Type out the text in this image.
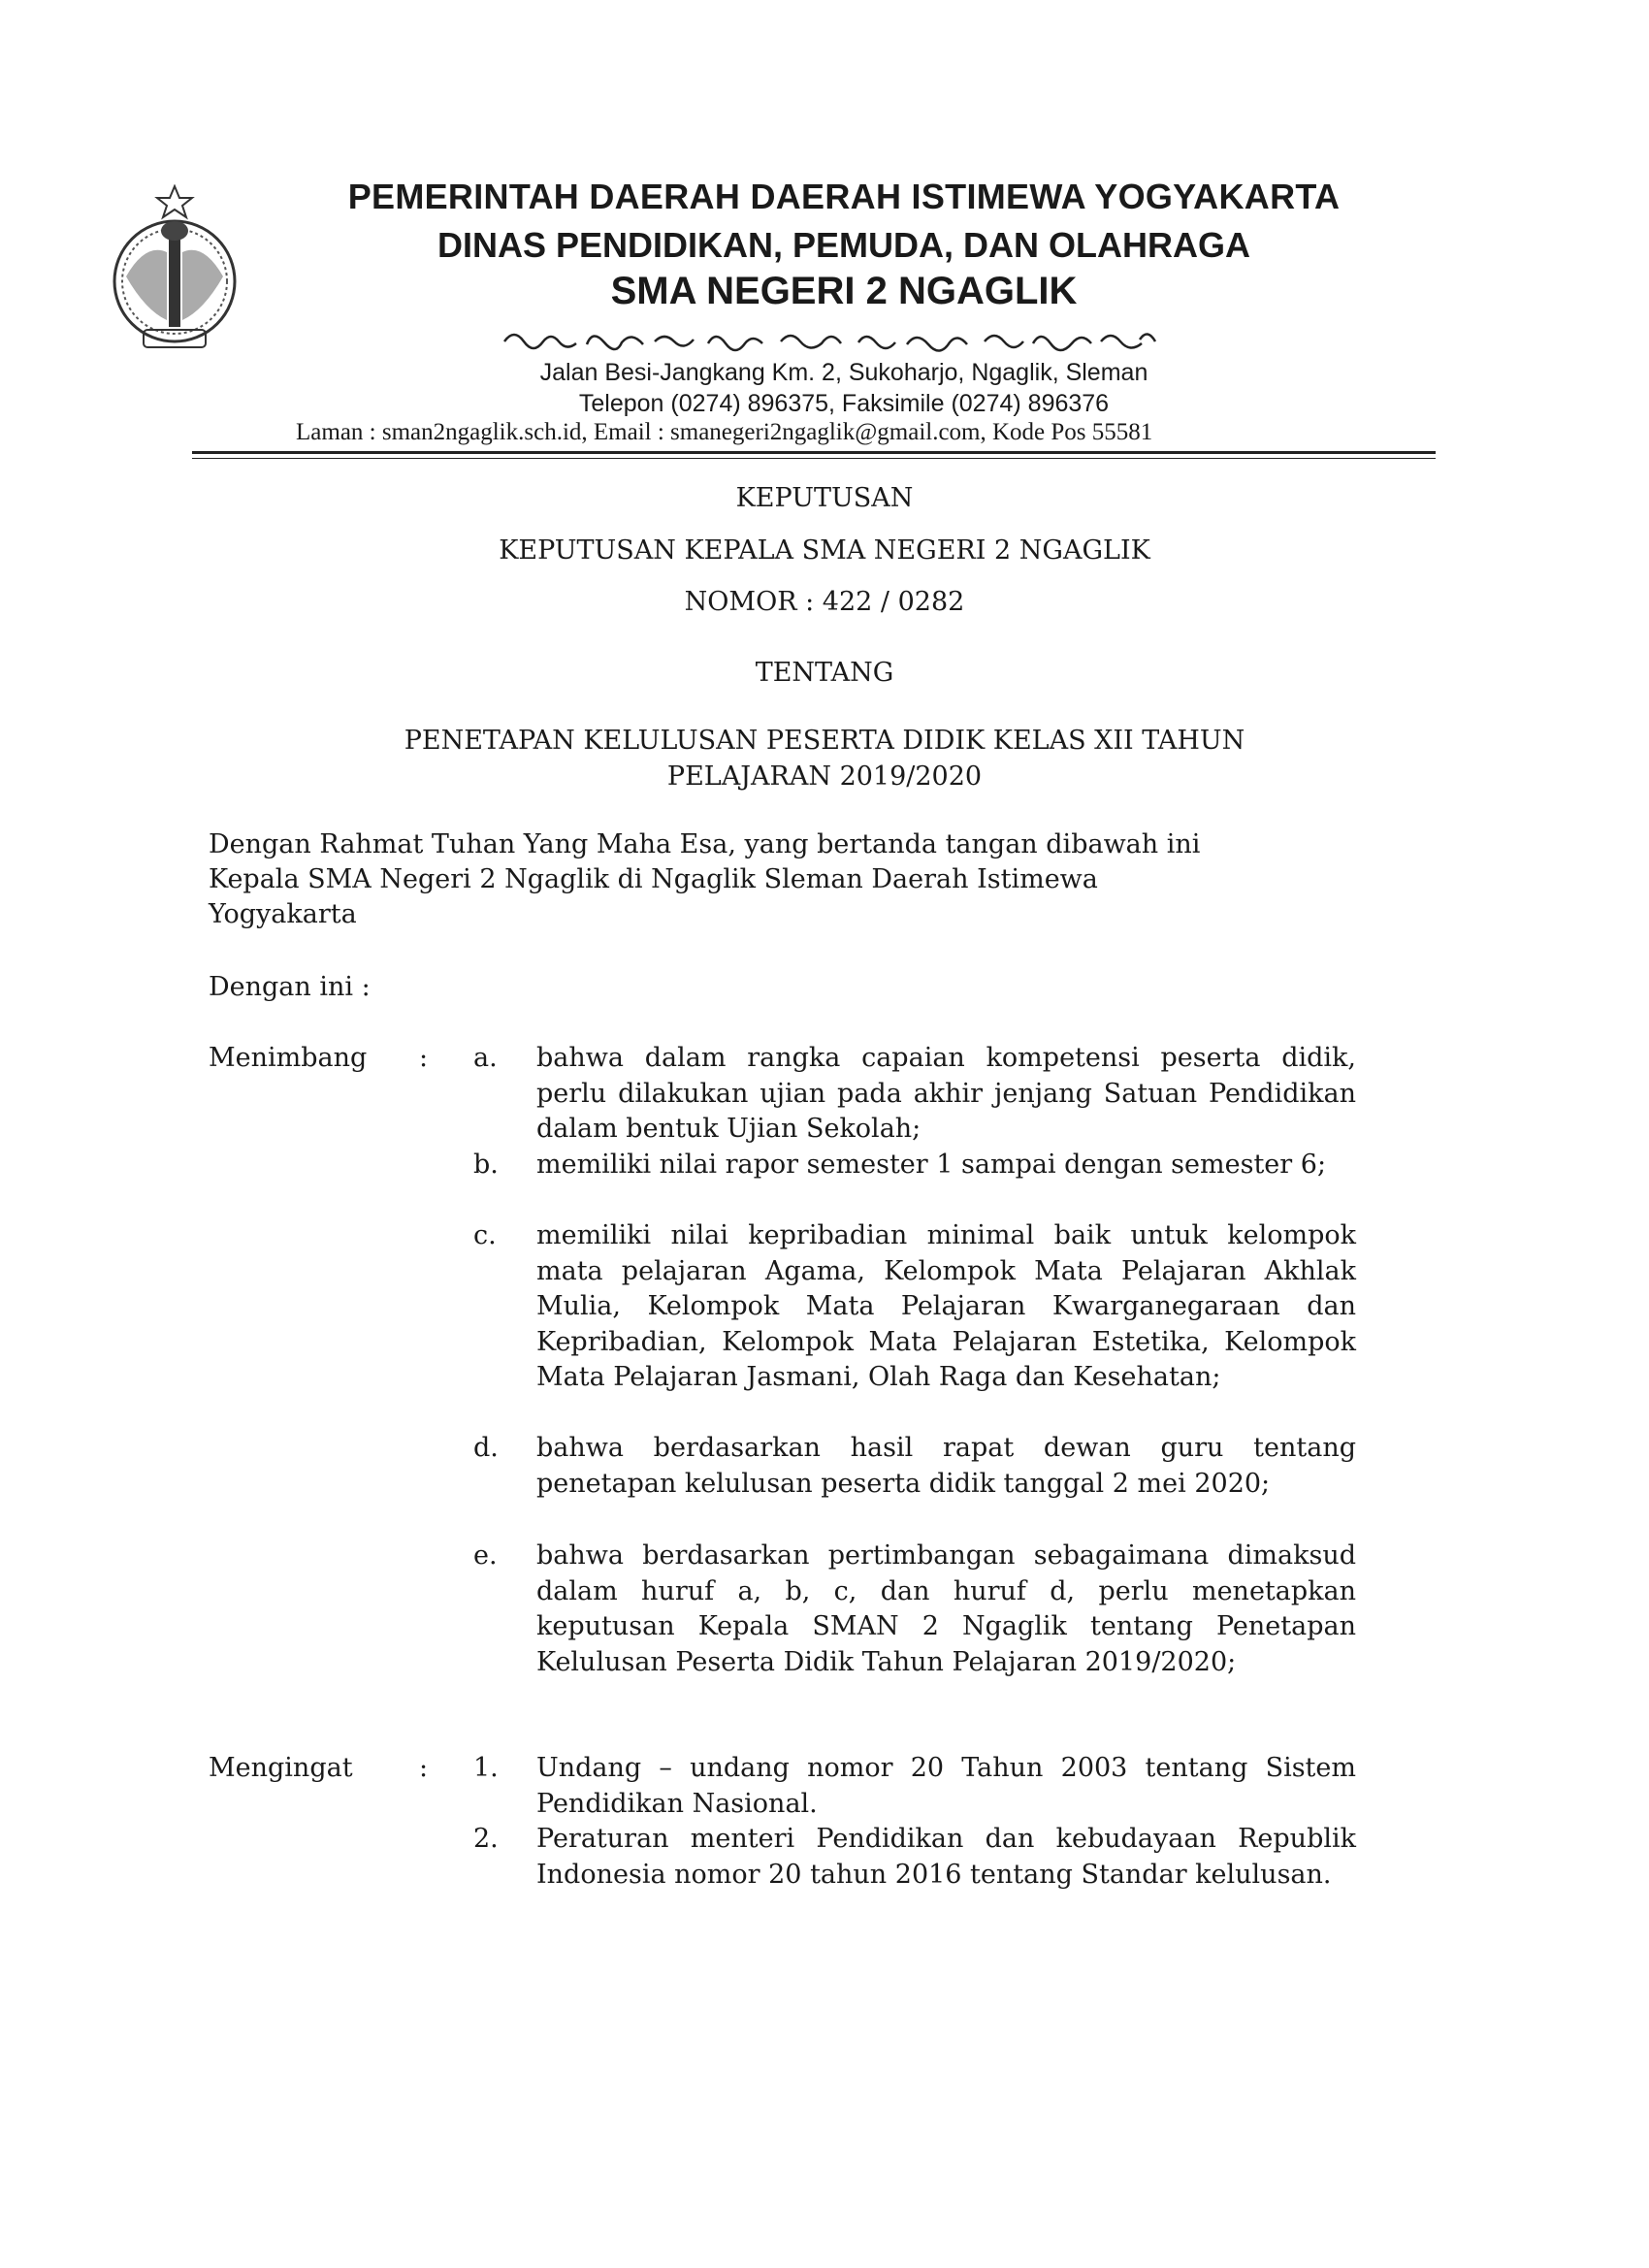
PEMERINTAH DAERAH DAERAH ISTIMEWA YOGYAKARTA
DINAS PENDIDIKAN, PEMUDA, DAN OLAHRAGA
SMA NEGERI 2 NGAGLIK
Jalan Besi-Jangkang Km. 2, Sukoharjo, Ngaglik, Sleman
Telepon (0274) 896375, Faksimile (0274) 896376
Laman : sman2ngaglik.sch.id, Email : smanegeri2ngaglik@gmail.com, Kode Pos 55581
KEPUTUSAN
KEPUTUSAN KEPALA SMA NEGERI 2 NGAGLIK
NOMOR : 422 / 0282
TENTANG
PENETAPAN KELULUSAN PESERTA DIDIK KELAS XII TAHUN
PELAJARAN 2019/2020
Dengan Rahmat Tuhan Yang Maha Esa, yang bertanda tangan dibawah ini
Kepala SMA Negeri 2 Ngaglik di Ngaglik Sleman Daerah Istimewa
Yogyakarta
Dengan ini :
Menimbang : a. bahwa dalam rangka capaian kompetensi peserta didik, perlu dilakukan ujian pada akhir jenjang Satuan Pendidikan dalam bentuk Ujian Sekolah;
b. memiliki nilai rapor semester 1 sampai dengan semester 6;
c. memiliki nilai kepribadian minimal baik untuk kelompok mata pelajaran Agama, Kelompok Mata Pelajaran Akhlak Mulia, Kelompok Mata Pelajaran Kwarganegaraan dan Kepribadian, Kelompok Mata Pelajaran Estetika, Kelompok Mata Pelajaran Jasmani, Olah Raga dan Kesehatan;
d. bahwa berdasarkan hasil rapat dewan guru tentang penetapan kelulusan peserta didik tanggal 2 mei 2020;
e. bahwa berdasarkan pertimbangan sebagaimana dimaksud dalam huruf a, b, c, dan huruf d, perlu menetapkan keputusan Kepala SMAN 2 Ngaglik tentang Penetapan Kelulusan Peserta Didik Tahun Pelajaran 2019/2020;
Mengingat	: 1. Undang – undang nomor 20 Tahun 2003 tentang Sistem Pendidikan Nasional.
2. Peraturan menteri Pendidikan dan kebudayaan Republik Indonesia nomor 20 tahun 2016 tentang Standar kelulusan.
